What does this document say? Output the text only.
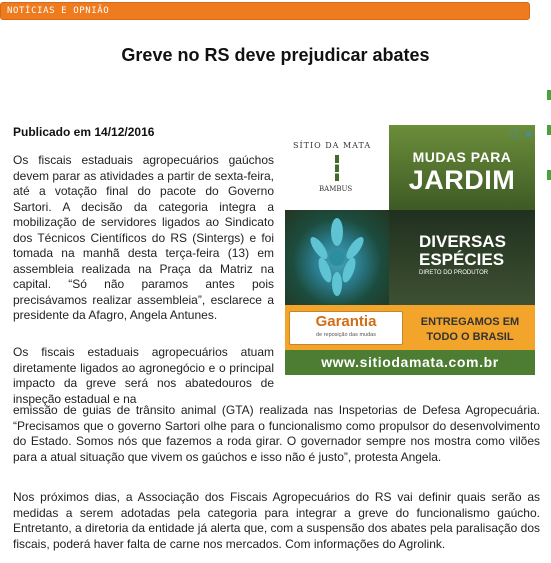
NOTÍCIAS E OPNIÃO
Greve no RS deve prejudicar abates
Publicado em 14/12/2016

Os fiscais estaduais agropecuários gaúchos devem parar as atividades a partir de sexta-feira, até a votação final do pacote do Governo Sartori. A decisão da categoria integra a mobilização de servidores ligados ao Sindicato dos Técnicos Científicos do RS (Sintergs) e foi tomada na manhã desta terça-feira (13) em assembleia realizada na Praça da Matriz na capital. “Só não paramos antes pois precisávamos realizar assembleia”, esclarece a presidente da Afagro, Angela Antunes.

Os fiscais estaduais agropecuários atuam diretamente ligados ao agronegócio e o principal impacto da greve será nos abatedouros de inspeção estadual e na

emissão de guias de trânsito animal (GTA) realizada nas Inspetorias de Defesa Agropecuária. “Precisamos que o governo Sartori olhe para o funcionalismo como propulsor do desenvolvimento do Estado. Somos nós que fazemos a roda girar. O governador sempre nos mostra como vilões para a atual situação que vivem os gaúchos e isso não é justo”, protesta Angela.

Nos próximos dias, a Associação dos Fiscais Agropecuários do RS vai definir quais serão as medidas a serem adotadas pela categoria para integrar a greve do funcionalismo gaúcho. Entretanto, a diretoria da entidade já alerta que, com a suspensão dos abates pela paralisação dos fiscais, poderá haver falta de carne nos mercados. Com informações do Agrolink.

SÍTIO DA MATA
BAMBUS
ⓘ ✕
MUDAS PARA
JARDIM
DIVERSAS
ESPÉCIES
DIRETO DO PRODUTOR
Garantia
de reposição das mudas
ENTREGAMOS EM
TODO O BRASIL
www.sitiodamata.com.br
